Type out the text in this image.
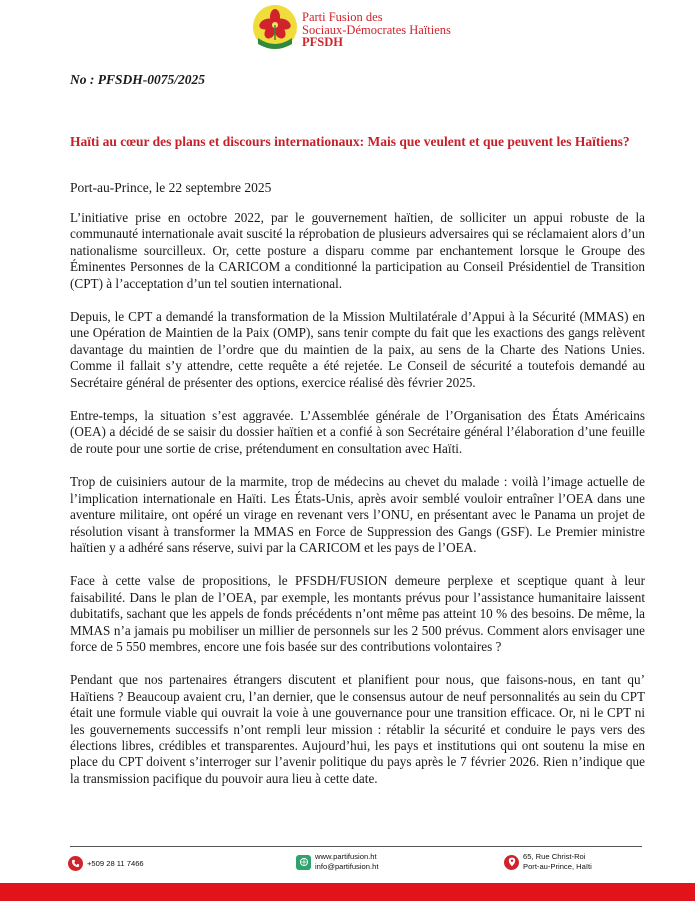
Parti Fusion des
Sociaux-Démocrates Haïtiens
PFSDH
No : PFSDH-0075/2025
Haïti au cœur des plans et discours internationaux: Mais que veulent et que peuvent les Haïtiens?
Port-au-Prince, le 22 septembre 2025

L’initiative prise en octobre 2022, par le gouvernement haïtien, de solliciter un appui robuste de la communauté internationale avait suscité la réprobation de plusieurs adversaires qui se réclamaient alors d’un nationalisme sourcilleux. Or, cette posture a disparu comme par enchantement lorsque le Groupe des Éminentes Personnes de la CARICOM a conditionné la participation au Conseil Présidentiel de Transition (CPT) à l’acceptation d’un tel soutien international.

Depuis, le CPT a demandé la transformation de la Mission Multilatérale d’Appui à la Sécurité (MMAS) en une Opération de Maintien de la Paix (OMP), sans tenir compte du fait que les exactions des gangs relèvent davantage du maintien de l’ordre que du maintien de la paix, au sens de la Charte des Nations Unies. Comme il fallait s’y attendre, cette requête a été rejetée. Le Conseil de sécurité a toutefois demandé au Secrétaire général de présenter des options, exercice réalisé dès février 2025.

Entre-temps, la situation s’est aggravée. L’Assemblée générale de l’Organisation des États Américains (OEA) a décidé de se saisir du dossier haïtien et a confié à son Secrétaire général l’élaboration d’une feuille de route pour une sortie de crise, prétendument en consultation avec Haïti.

Trop de cuisiniers autour de la marmite, trop de médecins au chevet du malade : voilà l’image actuelle de l’implication internationale en Haïti. Les États-Unis, après avoir semblé vouloir entraîner l’OEA dans une aventure militaire, ont opéré un virage en revenant vers l’ONU, en présentant avec le Panama un projet de résolution visant à transformer la MMAS en Force de Suppression des Gangs (GSF). Le Premier ministre haïtien y a adhéré sans réserve, suivi par la CARICOM et les pays de l’OEA.

Face à cette valse de propositions, le PFSDH/FUSION demeure perplexe et sceptique quant à leur faisabilité. Dans le plan de l’OEA, par exemple, les montants prévus pour l’assistance humanitaire laissent dubitatifs, sachant que les appels de fonds précédents n’ont même pas atteint 10 % des besoins. De même, la MMAS n’a jamais pu mobiliser un millier de personnels sur les 2 500 prévus. Comment alors envisager une force de 5 550 membres, encore une fois basée sur des contributions volontaires ?

Pendant que nos partenaires étrangers discutent et planifient pour nous, que faisons-nous, en tant qu’ Haïtiens ? Beaucoup avaient cru, l’an dernier, que le consensus autour de neuf personnalités au sein du CPT était une formule viable qui ouvrait la voie à une gouvernance pour une transition efficace. Or, ni le CPT ni les gouvernements successifs n’ont rempli leur mission : rétablir la sécurité et conduire le pays vers des élections libres, crédibles et transparentes. Aujourd’hui, les pays et institutions qui ont soutenu la mise en place du CPT doivent s’interroger sur l’avenir politique du pays après le 7 février 2026. Rien n’indique que la transmission pacifique du pouvoir aura lieu à cette date.

+509 28 11 7466
www.partifusion.ht
info@partifusion.ht
65, Rue Christ-Roi
Port-au-Prince, Haïti
